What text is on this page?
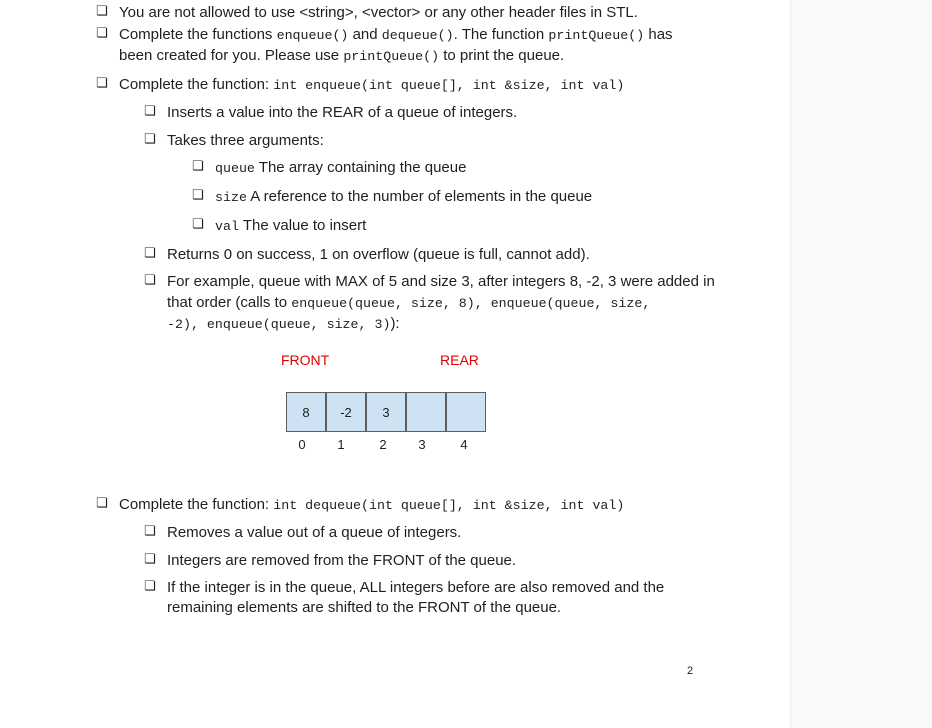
❏ You are not allowed to use <string>, <vector> or any other header files in STL.
❏ Complete the functions enqueue() and dequeue(). The function printQueue() has
been created for you. Please use printQueue() to print the queue.
❏ Complete the function: int enqueue(int queue[], int &size, int val)
❏ Inserts a value into the REAR of a queue of integers.
❏ Takes three arguments:
❏ queue The array containing the queue
❏ size A reference to the number of elements in the queue
❏ val The value to insert
❏ Returns 0 on success, 1 on overflow (queue is full, cannot add).
❏ For example, queue with MAX of 5 and size 3, after integers 8, -2, 3 were added in
that order (calls to enqueue(queue, size, 8), enqueue(queue, size,
-2), enqueue(queue, size, 3)):
FRONT	REAR
8	-2	3
0	1	2	3	4
❏ Complete the function: int dequeue(int queue[], int &size, int val)
❏ Removes a value out of a queue of integers.
❏ Integers are removed from the FRONT of the queue.
❏ If the integer is in the queue, ALL integers before are also removed and the
remaining elements are shifted to the FRONT of the queue.
2
